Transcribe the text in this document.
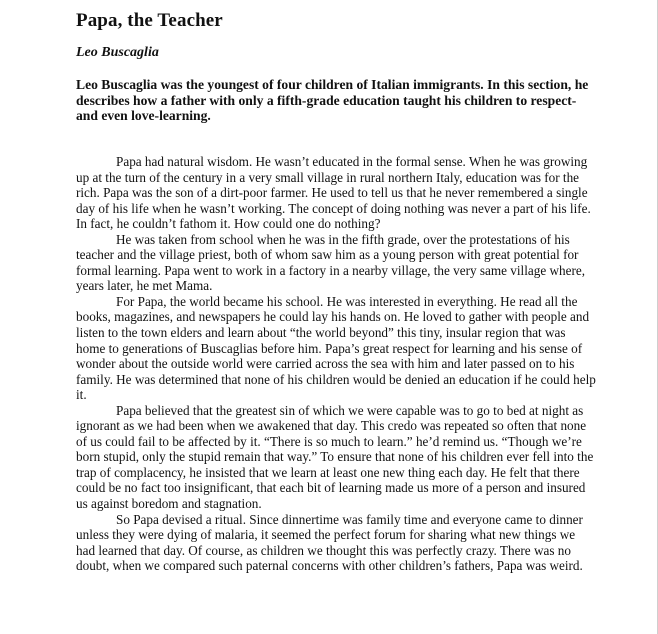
Papa, the Teacher

Leo Buscaglia

Leo Buscaglia was the youngest of four children of Italian immigrants. In this section, he describes how a father with only a fifth-grade education taught his children to respect-and even love-learning.

Papa had natural wisdom. He wasn’t educated in the formal sense. When he was growing up at the turn of the century in a very small village in rural northern Italy, education was for the rich. Papa was the son of a dirt-poor farmer. He used to tell us that he never remembered a single day of his life when he wasn’t working. The concept of doing nothing was never a part of his life. In fact, he couldn’t fathom it. How could one do nothing?

He was taken from school when he was in the fifth grade, over the protestations of his teacher and the village priest, both of whom saw him as a young person with great potential for formal learning. Papa went to work in a factory in a nearby village, the very same village where, years later, he met Mama.

For Papa, the world became his school. He was interested in everything. He read all the books, magazines, and newspapers he could lay his hands on. He loved to gather with people and listen to the town elders and learn about “the world beyond” this tiny, insular region that was home to generations of Buscaglias before him. Papa’s great respect for learning and his sense of wonder about the outside world were carried across the sea with him and later passed on to his family. He was determined that none of his children would be denied an education if he could help it.

Papa believed that the greatest sin of which we were capable was to go to bed at night as ignorant as we had been when we awakened that day. This credo was repeated so often that none of us could fail to be affected by it. “There is so much to learn.” he’d remind us. “Though we’re born stupid, only the stupid remain that way.” To ensure that none of his children ever fell into the trap of complacency, he insisted that we learn at least one new thing each day. He felt that there could be no fact too insignificant, that each bit of learning made us more of a person and insured us against boredom and stagnation.

So Papa devised a ritual. Since dinnertime was family time and everyone came to dinner unless they were dying of malaria, it seemed the perfect forum for sharing what new things we had learned that day. Of course, as children we thought this was perfectly crazy. There was no doubt, when we compared such paternal concerns with other children’s fathers, Papa was weird.
